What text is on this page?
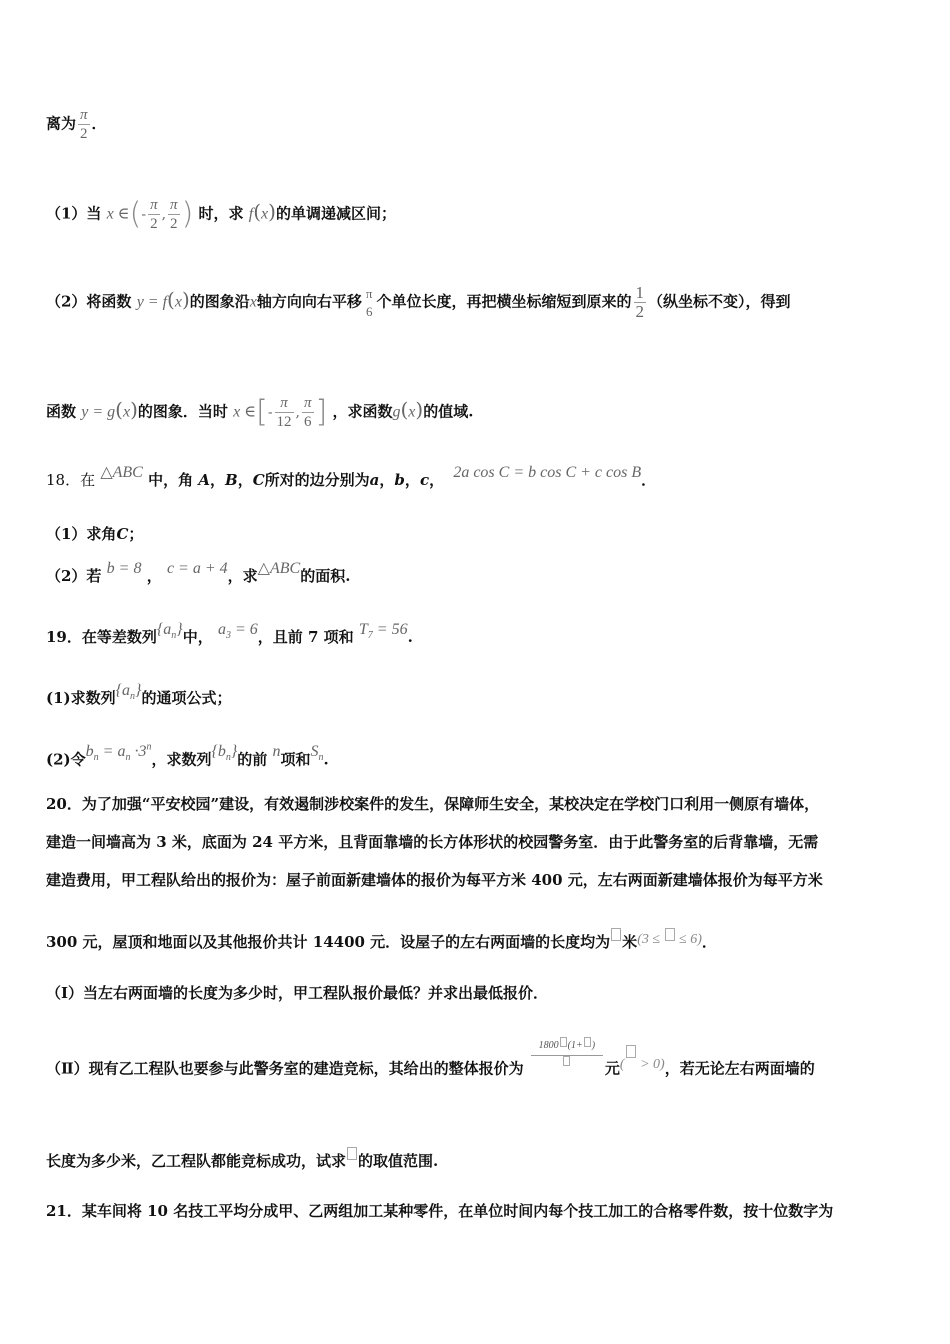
离为 $\frac{\pi}{2}$ ．
（1）当 x ∈(- $\frac{\pi}{2}$ , $\frac{\pi}{2}$ ) 时，求 f(x)的单调递减区间；
（2）将函数 y = f(x)的图象沿x轴方向向右平移 π
6
个单位长度，再把横坐标缩短到原来的 $\frac{1}{2}$ （纵坐标不变），得到
函数 y = g(x)的图象．当时 x ∈[- $\frac{\pi}{12}$ , $\frac{\pi}{6}$ ] ，求函数g(x)的值域.
18．在 △ABC 中，角 A，B，C所对的边分别为a，b，c， 2a cos C = b cos C + c cos B．
（1）求角C；
（2）若 b = 8 ， c = a + 4，求△ABC的面积.
19．在等差数列$\{a_n\}$中， $a_3 = 6$，且前 7 项和 $T_7 = 56$.
(1)求数列$\{a_n\}$的通项公式；
(2)令$b_n = a_n \cdot 3^n$，求数列$\{b_n\}$的前 n项和$S_n$.
20．为了加强“平安校园”建设，有效遏制涉校案件的发生，保障师生安全，某校决定在学校门口利用一侧原有墙体，
建造一间墙高为 3 米，底面为 24 平方米，且背面靠墙的长方体形状的校园警务室．由于此警务室的后背靠墙，无需
建造费用，甲工程队给出的报价为：屋子前面新建墙体的报价为每平方米 400 元，左右两面新建墙体报价为每平方米
300 元，屋顶和地面以及其他报价共计 14400 元．设屋子的左右两面墙的长度均为 米(3 ≤ ≤ 6)．
（Ⅰ）当左右两面墙的长度为多少时，甲工程队报价最低？并求出最低报价．
（Ⅱ）现有乙工程队也要参与此警务室的建造竞标，其给出的整体报价为
1800 (1+ )
元( > 0)，若无论左右两面墙的
长度为多少米，乙工程队都能竞标成功，试求 的取值范围.
21．某车间将 10 名技工平均分成甲、乙两组加工某种零件，在单位时间内每个技工加工的合格零件数，按十位数字为
